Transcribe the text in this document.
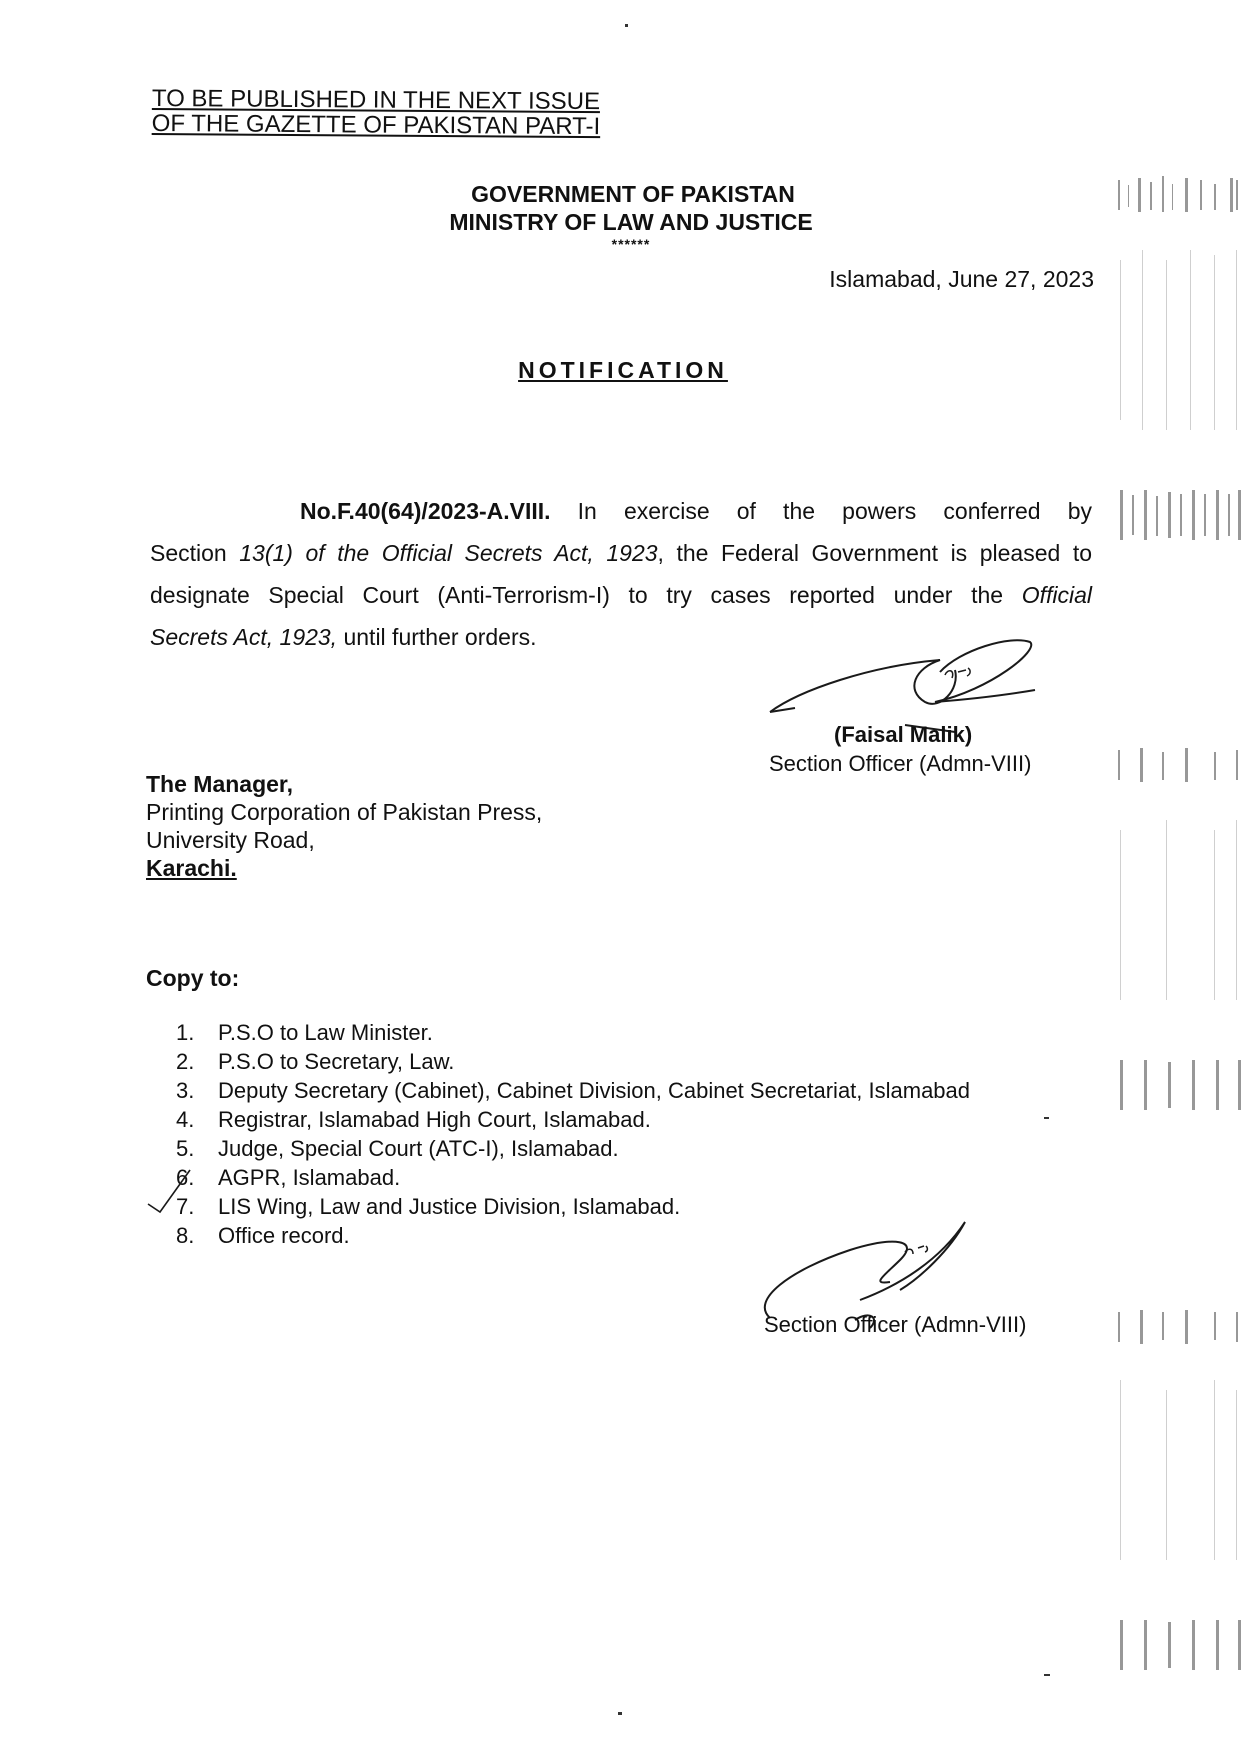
TO BE PUBLISHED IN THE NEXT ISSUE
OF THE GAZETTE OF PAKISTAN PART-I
GOVERNMENT OF PAKISTAN
MINISTRY OF LAW AND JUSTICE
******
Islamabad, June 27, 2023
NOTIFICATION

No.F.40(64)/2023-A.VIII. In exercise of the powers conferred by

Section 13(1) of the Official Secrets Act, 1923, the Federal Government is pleased to

designate Special Court (Anti-Terrorism-I) to try cases reported under the Official

Secrets Act, 1923, until further orders.

(Faisal Malik)
Section Officer (Admn-VIII)
The Manager,
Printing Corporation of Pakistan Press,
University Road,
Karachi.
Copy to:
1.	P.S.O to Law Minister.
2.	P.S.O to Secretary, Law.
3.	Deputy Secretary (Cabinet), Cabinet Division, Cabinet Secretariat, Islamabad
4.	Registrar, Islamabad High Court, Islamabad.
5.	Judge, Special Court (ATC-I), Islamabad.
6.	AGPR, Islamabad.
7.	LIS Wing, Law and Justice Division, Islamabad.
8.	Office record.
Section Officer (Admn-VIII)
